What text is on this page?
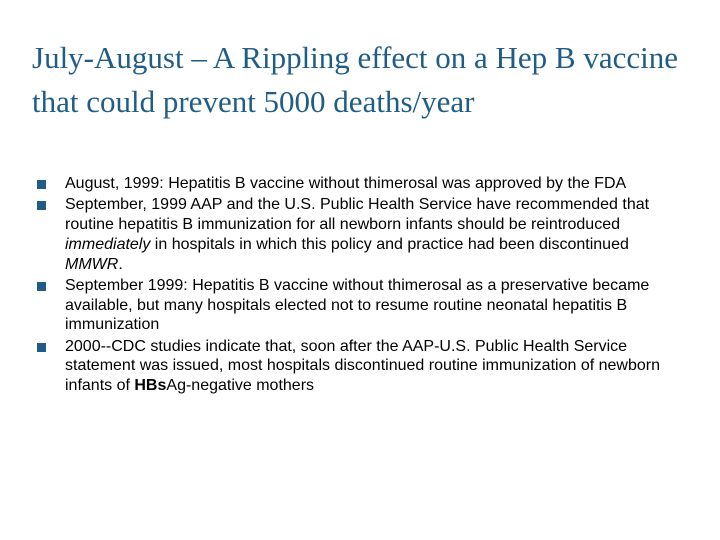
July-August – A Rippling effect on a Hep B vaccine that could prevent 5000 deaths/year
August, 1999: Hepatitis B vaccine without thimerosal was approved by the FDA
September, 1999 AAP and the U.S. Public Health Service have recommended that routine hepatitis B immunization for all newborn infants should be reintroduced immediately in hospitals in which this policy and practice had been discontinued MMWR.
September 1999: Hepatitis B vaccine without thimerosal as a preservative became available, but many hospitals elected not to resume routine neonatal hepatitis B immunization
2000--CDC studies indicate that, soon after the AAP-U.S. Public Health Service statement was issued, most hospitals discontinued routine immunization of newborn infants of HBsAg-negative mothers
